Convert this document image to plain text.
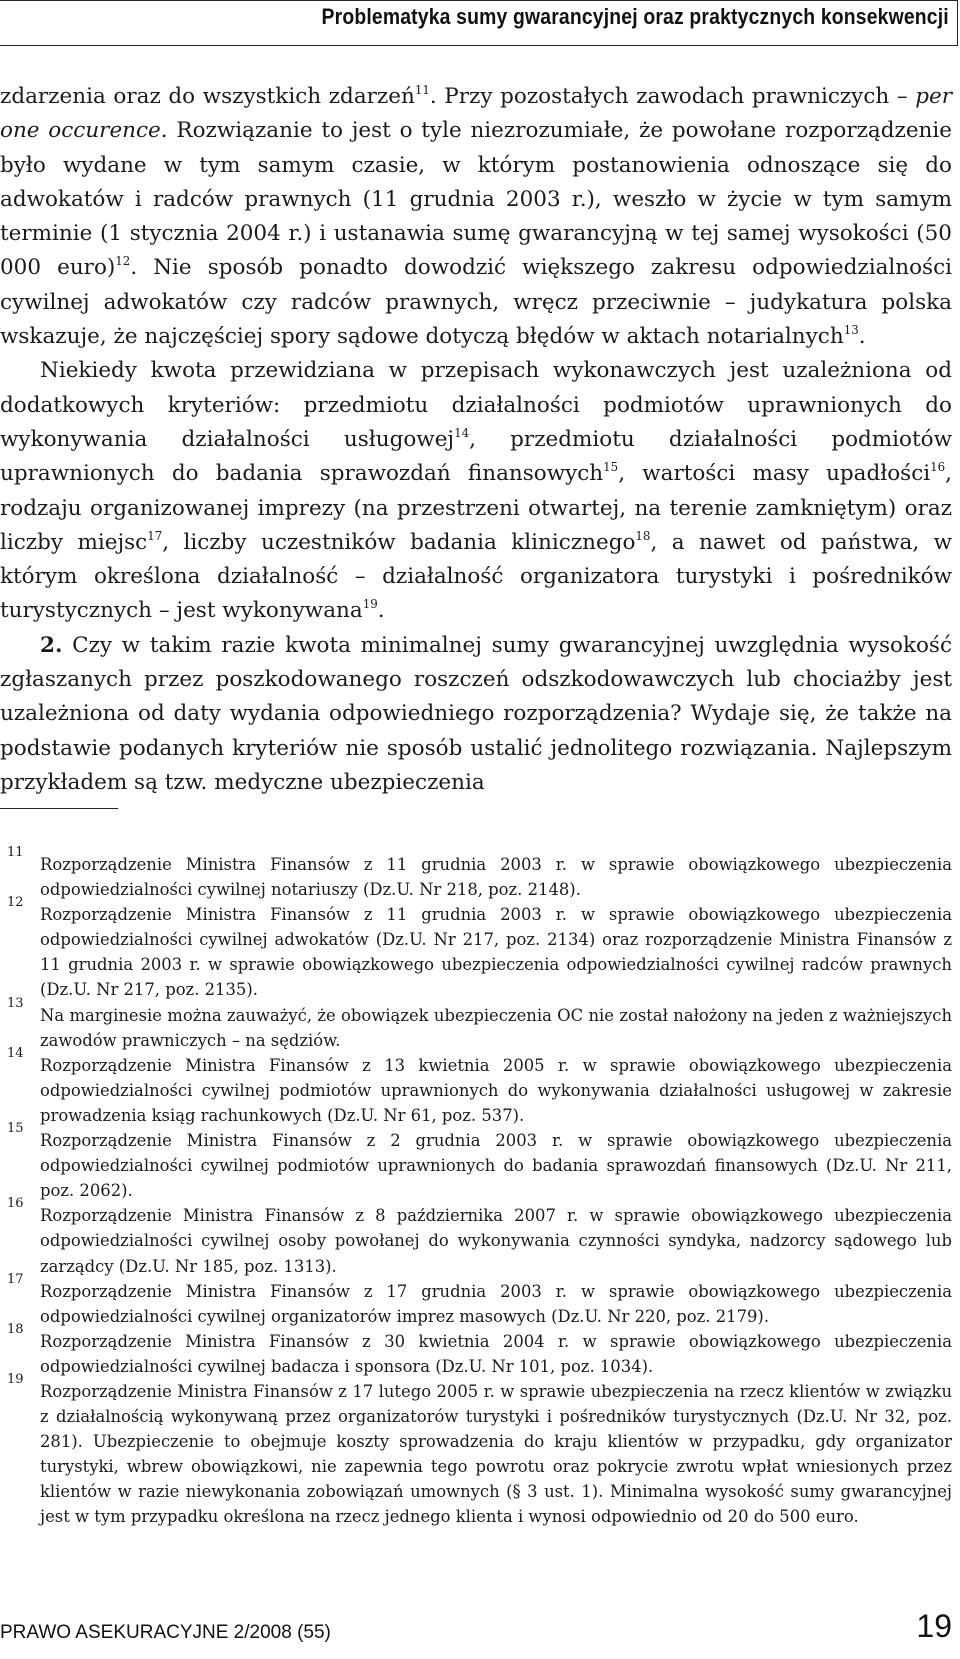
Problematyka sumy gwarancyjnej oraz praktycznych konsekwencji

zdarzenia oraz do wszystkich zdarzeń$^{11}$. Przy pozostałych zawodach prawniczych – per one occurence. Rozwiązanie to jest o tyle niezrozumiałe, że powołane rozporządzenie było wydane w tym samym czasie, w którym postanowienia odnoszące się do adwokatów i radców prawnych (11 grudnia 2003 r.), weszło w życie w tym samym terminie (1 stycznia 2004 r.) i ustanawia sumę gwarancyjną w tej samej wysokości (50 000 euro)$^{12}$. Nie sposób ponadto dowodzić większego zakresu odpowiedzialności cywilnej adwokatów czy radców prawnych, wręcz przeciwnie – judykatura polska wskazuje, że najczęściej spory sądowe dotyczą błędów w aktach notarialnych$^{13}$.

Niekiedy kwota przewidziana w przepisach wykonawczych jest uzależniona od dodatkowych kryteriów: przedmiotu działalności podmiotów uprawnionych do wykonywania działalności usługowej$^{14}$, przedmiotu działalności podmiotów uprawnionych do badania sprawozdań finansowych$^{15}$, wartości masy upadłości$^{16}$, rodzaju organizowanej imprezy (na przestrzeni otwartej, na terenie zamkniętym) oraz liczby miejsc$^{17}$, liczby uczestników badania klinicznego$^{18}$, a nawet od państwa, w którym określona działalność – działalność organizatora turystyki i pośredników turystycznych – jest wykonywana$^{19}$.

2. Czy w takim razie kwota minimalnej sumy gwarancyjnej uwzględnia wysokość zgłaszanych przez poszkodowanego roszczeń odszkodowawczych lub chociażby jest uzależniona od daty wydania odpowiedniego rozporządzenia? Wydaje się, że także na podstawie podanych kryteriów nie sposób ustalić jednolitego rozwiązania. Najlepszym przykładem są tzw. medyczne ubezpieczenia

11
Rozporządzenie Ministra Finansów z 11 grudnia 2003 r. w sprawie obowiązkowego ubezpieczenia odpowiedzialności cywilnej notariuszy (Dz.U. Nr 218, poz. 2148).
12
Rozporządzenie Ministra Finansów z 11 grudnia 2003 r. w sprawie obowiązkowego ubezpieczenia odpowiedzialności cywilnej adwokatów (Dz.U. Nr 217, poz. 2134) oraz rozporządzenie Ministra Finansów z 11 grudnia 2003 r. w sprawie obowiązkowego ubezpieczenia odpowiedzialności cywilnej radców prawnych (Dz.U. Nr 217, poz. 2135).
13
Na marginesie można zauważyć, że obowiązek ubezpieczenia OC nie został nałożony na jeden z ważniejszych zawodów prawniczych – na sędziów.
14
Rozporządzenie Ministra Finansów z 13 kwietnia 2005 r. w sprawie obowiązkowego ubezpieczenia odpowiedzialności cywilnej podmiotów uprawnionych do wykonywania działalności usługowej w zakresie prowadzenia ksiąg rachunkowych (Dz.U. Nr 61, poz. 537).
15
Rozporządzenie Ministra Finansów z 2 grudnia 2003 r. w sprawie obowiązkowego ubezpieczenia odpowiedzialności cywilnej podmiotów uprawnionych do badania sprawozdań finansowych (Dz.U. Nr 211, poz. 2062).
16
Rozporządzenie Ministra Finansów z 8 października 2007 r. w sprawie obowiązkowego ubezpieczenia odpowiedzialności cywilnej osoby powołanej do wykonywania czynności syndyka, nadzorcy sądowego lub zarządcy (Dz.U. Nr 185, poz. 1313).
17
Rozporządzenie Ministra Finansów z 17 grudnia 2003 r. w sprawie obowiązkowego ubezpieczenia odpowiedzialności cywilnej organizatorów imprez masowych (Dz.U. Nr 220, poz. 2179).
18
Rozporządzenie Ministra Finansów z 30 kwietnia 2004 r. w sprawie obowiązkowego ubezpieczenia odpowiedzialności cywilnej badacza i sponsora (Dz.U. Nr 101, poz. 1034).
19
Rozporządzenie Ministra Finansów z 17 lutego 2005 r. w sprawie ubezpieczenia na rzecz klientów w związku z działalnością wykonywaną przez organizatorów turystyki i pośredników turystycznych (Dz.U. Nr 32, poz. 281). Ubezpieczenie to obejmuje koszty sprowadzenia do kraju klientów w przypadku, gdy organizator turystyki, wbrew obowiązkowi, nie zapewnia tego powrotu oraz pokrycie zwrotu wpłat wniesionych przez klientów w razie niewykonania zobowiązań umownych (§ 3 ust. 1). Minimalna wysokość sumy gwarancyjnej jest w tym przypadku określona na rzecz jednego klienta i wynosi odpowiednio od 20 do 500 euro.
PRAWO ASEKURACYJNE 2/2008 (55)	19
